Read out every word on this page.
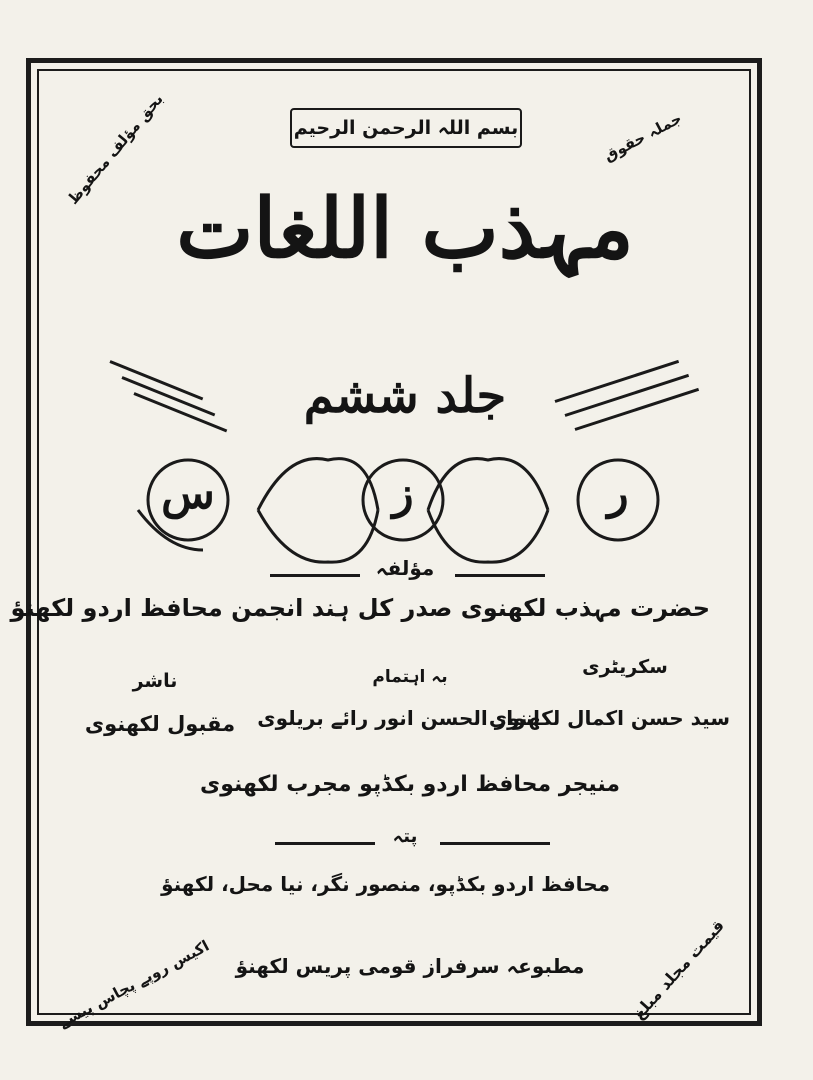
جملہ حقوق
بحق مؤلف محفوظ	بسم اللہ الرحمن الرحیم
مہذب اللغات
جلد ششم
س	ز	ر
مؤلفہ
حضرت مہذب لکھنوی صدر کل ہند انجمن محافظ اردو لکھنؤ
سکریٹری
سید حسن اکمال لکھنوی
بہ اہتمام
انوار الحسن انور رائے بریلوی
ناشر
مقبول لکھنوی
منیجر محافظ اردو بکڈپو مجرب لکھنوی
پتہ
محافظ اردو بکڈپو، منصور نگر، نیا محل، لکھنؤ
مطبوعہ سرفراز قومی پریس لکھنؤ	قیمت مجلد مبلغ
اکیس روپے پچاس پیسے
